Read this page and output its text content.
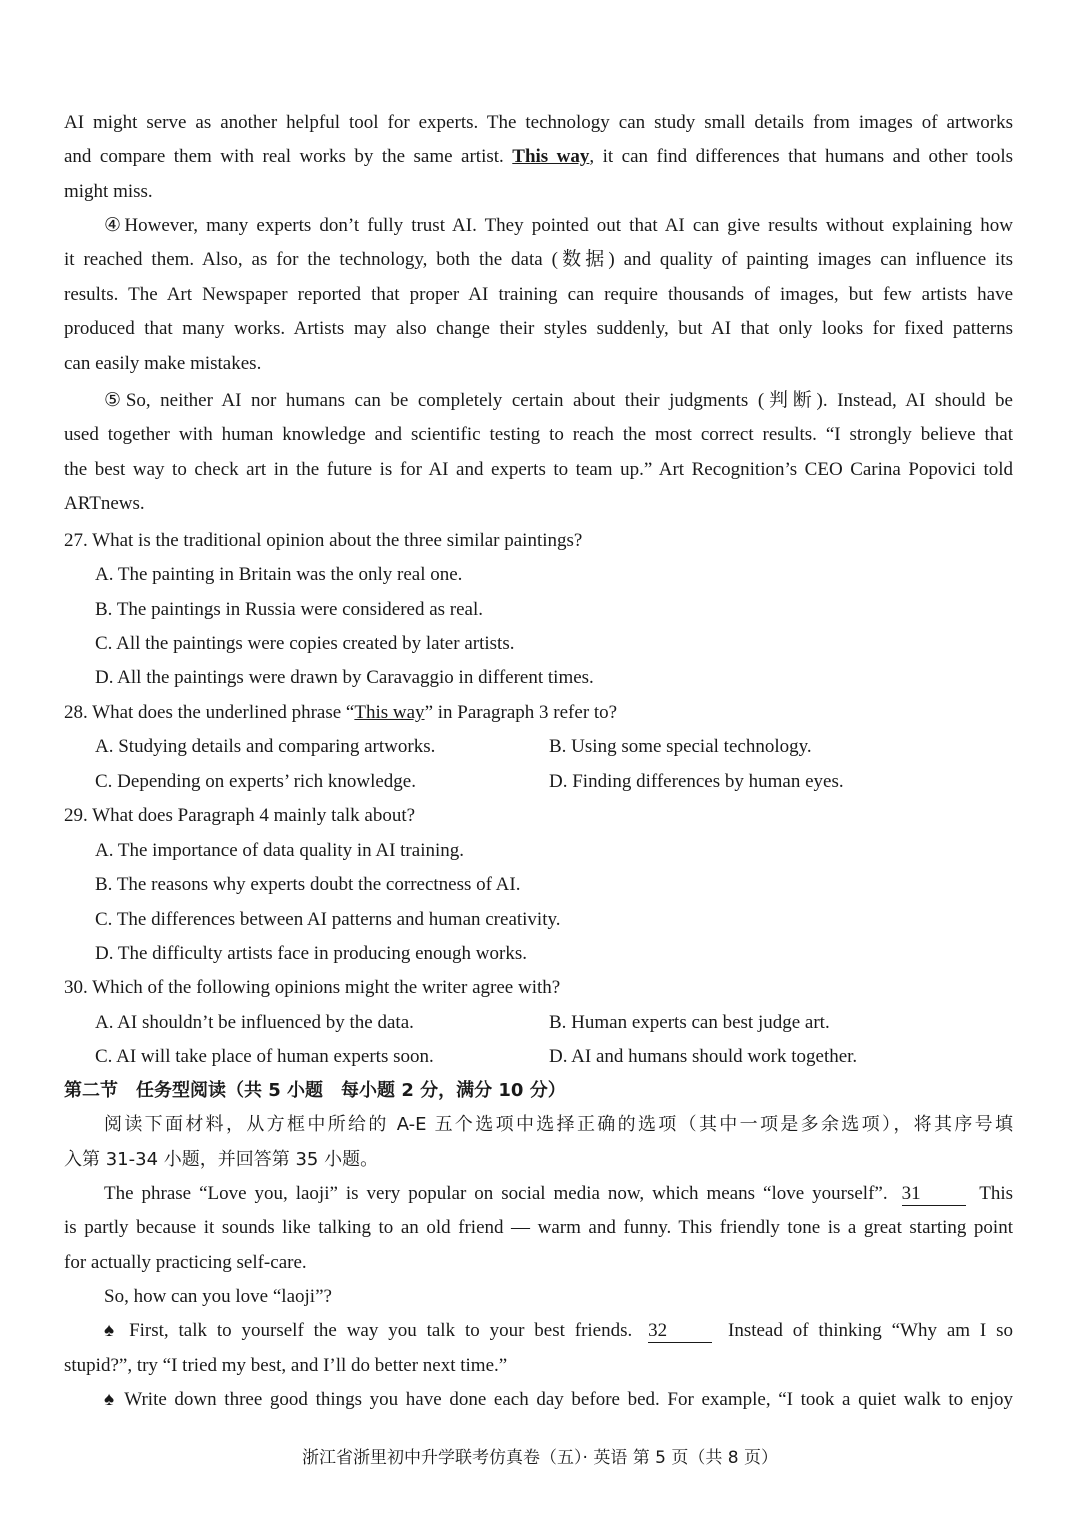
AI might serve as another helpful tool for experts. The technology can study small details from images of artworks
and compare them with real works by the same artist. This way, it can find differences that humans and other tools
might miss.
④However, many experts don’t fully trust AI. They pointed out that AI can give results without explaining how
it reached them. Also, as for the technology, both the data (数据) and quality of painting images can influence its
results. The Art Newspaper reported that proper AI training can require thousands of images, but few artists have
produced that many works. Artists may also change their styles suddenly, but AI that only looks for fixed patterns
can easily make mistakes.
⑤So, neither AI nor humans can be completely certain about their judgments (判断). Instead, AI should be
used together with human knowledge and scientific testing to reach the most correct results. “I strongly believe that
the best way to check art in the future is for AI and experts to team up.” Art Recognition’s CEO Carina Popovici told
ARTnews.
27. What is the traditional opinion about the three similar paintings?
A. The painting in Britain was the only real one.
B. The paintings in Russia were considered as real.
C. All the paintings were copies created by later artists.
D. All the paintings were drawn by Caravaggio in different times.
28. What does the underlined phrase “This way” in Paragraph 3 refer to?
A. Studying details and comparing artworks.	B. Using some special technology.
C. Depending on experts’ rich knowledge.	D. Finding differences by human eyes.
29. What does Paragraph 4 mainly talk about?
A. The importance of data quality in AI training.
B. The reasons why experts doubt the correctness of AI.
C. The differences between AI patterns and human creativity.
D. The difficulty artists face in producing enough works.
30. Which of the following opinions might the writer agree with?
A. AI shouldn’t be influenced by the data.	B. Human experts can best judge art.
C. AI will take place of human experts soon.	D. AI and humans should work together.
第二节　任务型阅读（共 5 小题　每小题 2 分，满分 10 分）
阅读下面材料，从方框中所给的 A-E 五个选项中选择正确的选项（其中一项是多余选项），将其序号填
入第 31-34 小题，并回答第 35 小题。
The phrase “Love you, laoji” is very popular on social media now, which means “love yourself”. 31	This
is partly because it sounds like talking to an old friend — warm and funny. This friendly tone is a great starting point
for actually practicing self-care.
So, how can you love “laoji”?
♠ First, talk to yourself the way you talk to your best friends. 32	Instead of thinking “Why am I so
stupid?”, try “I tried my best, and I’ll do better next time.”
♠ Write down three good things you have done each day before bed. For example, “I took a quiet walk to enjoy
浙江省浙里初中升学联考仿真卷（五）· 英语 第 5 页（共 8 页）
